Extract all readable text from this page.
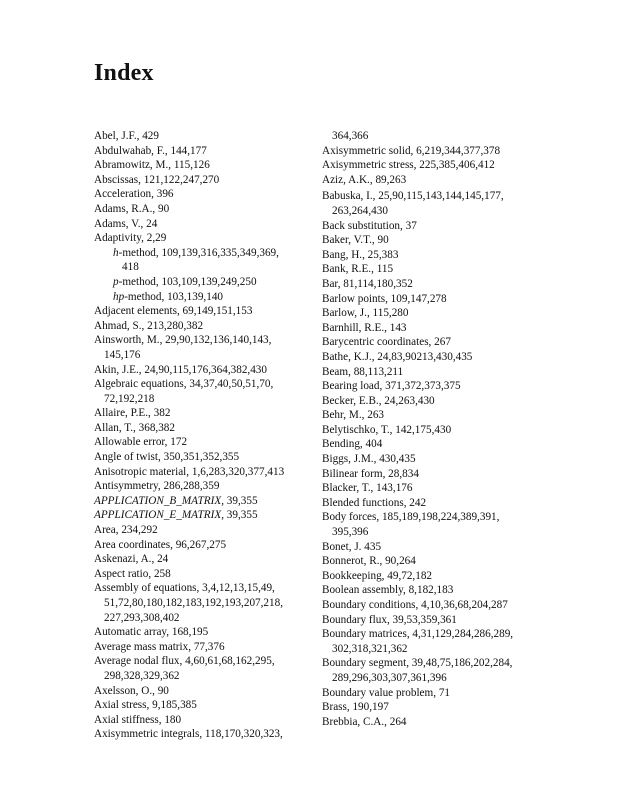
Index
Abel, J.F., 429
Abdulwahab, F., 144,177
Abramowitz, M., 115,126
Abscissas, 121,122,247,270
Acceleration, 396
Adams, R.A., 90
Adams, V., 24
Adaptivity, 2,29
h-method, 109,139,316,335,349,369,
418
p-method, 103,109,139,249,250
hp-method, 103,139,140
Adjacent elements, 69,149,151,153
Ahmad, S., 213,280,382
Ainsworth, M., 29,90,132,136,140,143,
145,176
Akin, J.E., 24,90,115,176,364,382,430
Algebraic equations, 34,37,40,50,51,70,
72,192,218
Allaire, P.E., 382
Allan, T., 368,382
Allowable error, 172
Angle of twist, 350,351,352,355
Anisotropic material, 1,6,283,320,377,413
Antisymmetry, 286,288,359
APPLICATION_B_MATRIX, 39,355
APPLICATION_E_MATRIX, 39,355
Area, 234,292
Area coordinates, 96,267,275
Askenazi, A., 24
Aspect ratio, 258
Assembly of equations, 3,4,12,13,15,49,
51,72,80,180,182,183,192,193,207,218,
227,293,308,402
Automatic array, 168,195
Average mass matrix, 77,376
Average nodal flux, 4,60,61,68,162,295,
298,328,329,362
Axelsson, O., 90
Axial stress, 9,185,385
Axial stiffness, 180
Axisymmetric integrals, 118,170,320,323,
364,366
Axisymmetric solid, 6,219,344,377,378
Axisymmetric stress, 225,385,406,412
Aziz, A.K., 89,263
Babuska, I., 25,90,115,143,144,145,177,
263,264,430
Back substitution, 37
Baker, V.T., 90
Bang, H., 25,383
Bank, R.E., 115
Bar, 81,114,180,352
Barlow points, 109,147,278
Barlow, J., 115,280
Barnhill, R.E., 143
Barycentric coordinates, 267
Bathe, K.J., 24,83,90213,430,435
Beam, 88,113,211
Bearing load, 371,372,373,375
Becker, E.B., 24,263,430
Behr, M., 263
Belytischko, T., 142,175,430
Bending, 404
Biggs, J.M., 430,435
Bilinear form, 28,834
Blacker, T., 143,176
Blended functions, 242
Body forces, 185,189,198,224,389,391,
395,396
Bonet, J. 435
Bonnerot, R., 90,264
Bookkeeping, 49,72,182
Boolean assembly, 8,182,183
Boundary conditions, 4,10,36,68,204,287
Boundary flux, 39,53,359,361
Boundary matrices, 4,31,129,284,286,289,
302,318,321,362
Boundary segment, 39,48,75,186,202,284,
289,296,303,307,361,396
Boundary value problem, 71
Brass, 190,197
Brebbia, C.A., 264
